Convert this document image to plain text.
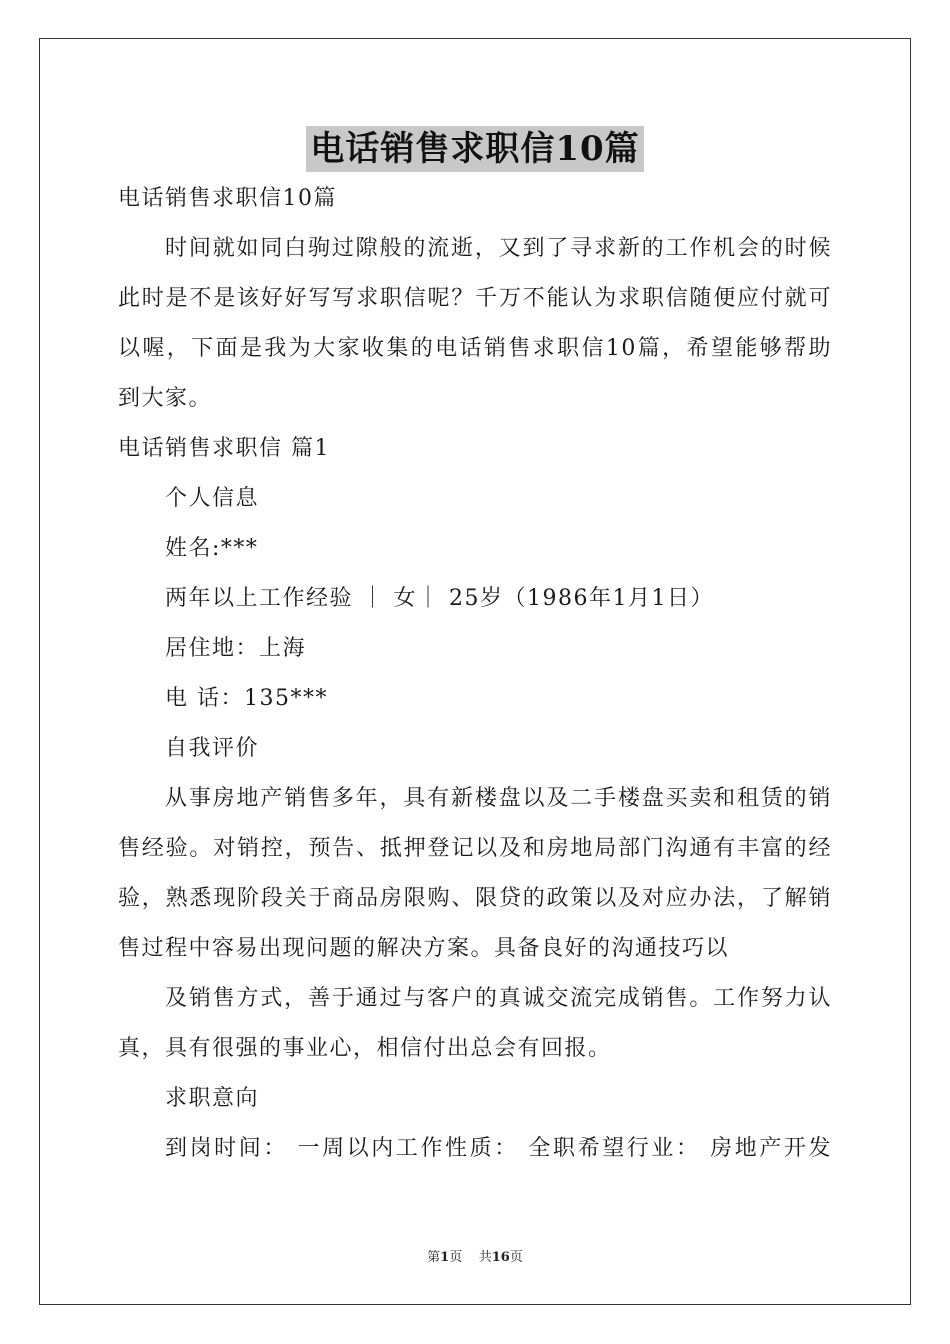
电话销售求职信10篇
电话销售求职信10篇
时间就如同白驹过隙般的流逝，又到了寻求新的工作机会的时候
此时是不是该好好写写求职信呢？千万不能认为求职信随便应付就可
以喔，下面是我为大家收集的电话销售求职信10篇，希望能够帮助
到大家。
电话销售求职信 篇1
个人信息
姓名:***
两年以上工作经验 ｜ 女｜ 25岁（1986年1月1日）
居住地：上海
电 话：135***
自我评价
从事房地产销售多年，具有新楼盘以及二手楼盘买卖和租赁的销
售经验。对销控，预告、抵押登记以及和房地局部门沟通有丰富的经
验，熟悉现阶段关于商品房限购、限贷的政策以及对应办法，了解销
售过程中容易出现问题的解决方案。具备良好的沟通技巧以
及销售方式，善于通过与客户的真诚交流完成销售。工作努力认
真，具有很强的事业心，相信付出总会有回报。
求职意向
到岗时间： 一周以内工作性质： 全职希望行业： 房地产开发
第1页    共16页
